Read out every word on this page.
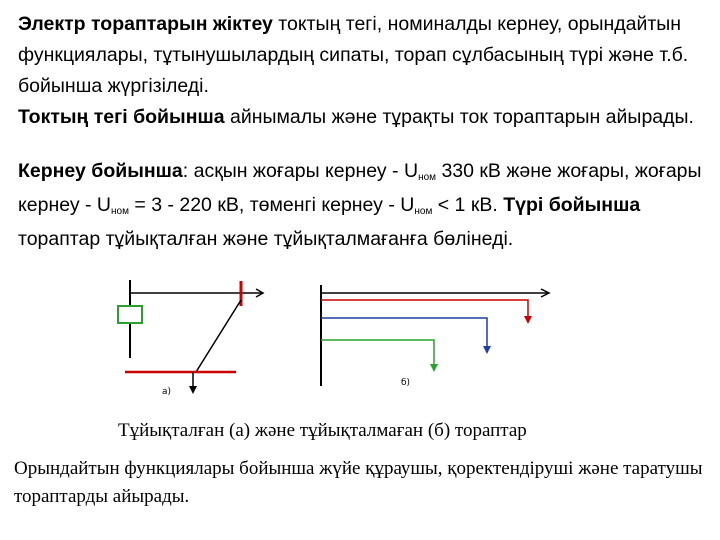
Электр тораптарын жіктеу токтың тегі, номиналды кернеу, орындайтын функциялары, тұтынушылардың сипаты, торап сұлбасының түрі және т.б. бойынша жүргізіледі.

Токтың тегі бойынша айнымалы және тұрақты ток тораптарын айырады.

Кернеу бойынша: асқын жоғары кернеу - $U_{ном}$ 330 кВ және жоғары, жоғары кернеу - $U_{ном} = 3 - 220$ кВ, төменгі кернеу - $U_{ном} < 1$ кВ. Түрі бойынша тораптар тұйықталған және тұйықталмағанға бөлінеді.

а)
б)
Тұйықталған (а) және тұйықталмаған (б) тораптар
Орындайтын функциялары бойынша жүйе құраушы, қоректендіруші және таратушы тораптарды айырады.
